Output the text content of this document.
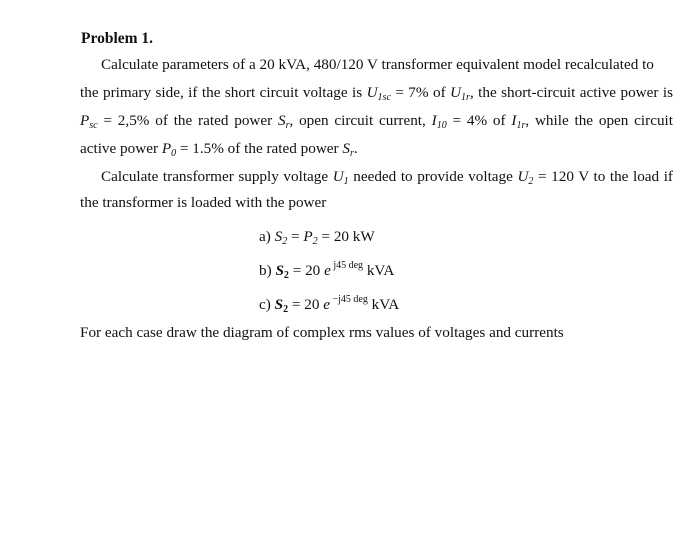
Problem 1.
Calculate parameters of a 20 kVA, 480/120 V transformer equivalent model recalculated to
the primary side, if the short circuit voltage is $U_{1sc} = 7\%$ of $U_{1r}$, the short-circuit active power is
$P_{sc} = 2,5\%$ of the rated power $S_r$, open circuit current, $I_{10} = 4\%$ of $I_{1r}$, while the open circuit
active power $P_0 = 1.5\%$ of the rated power $S_r$.
Calculate transformer supply voltage $U_1$ needed to provide voltage $U_2 = 120$ V to the load if
the transformer is loaded with the power
a) $S_2 = P_2 = 20$ kW
b) $S_2 = 20$ e $^{j45 deg}$ kVA
c) $S_2 = 20$ e $^{-j45 deg}$ kVA
For each case draw the diagram of complex rms values of voltages and currents
